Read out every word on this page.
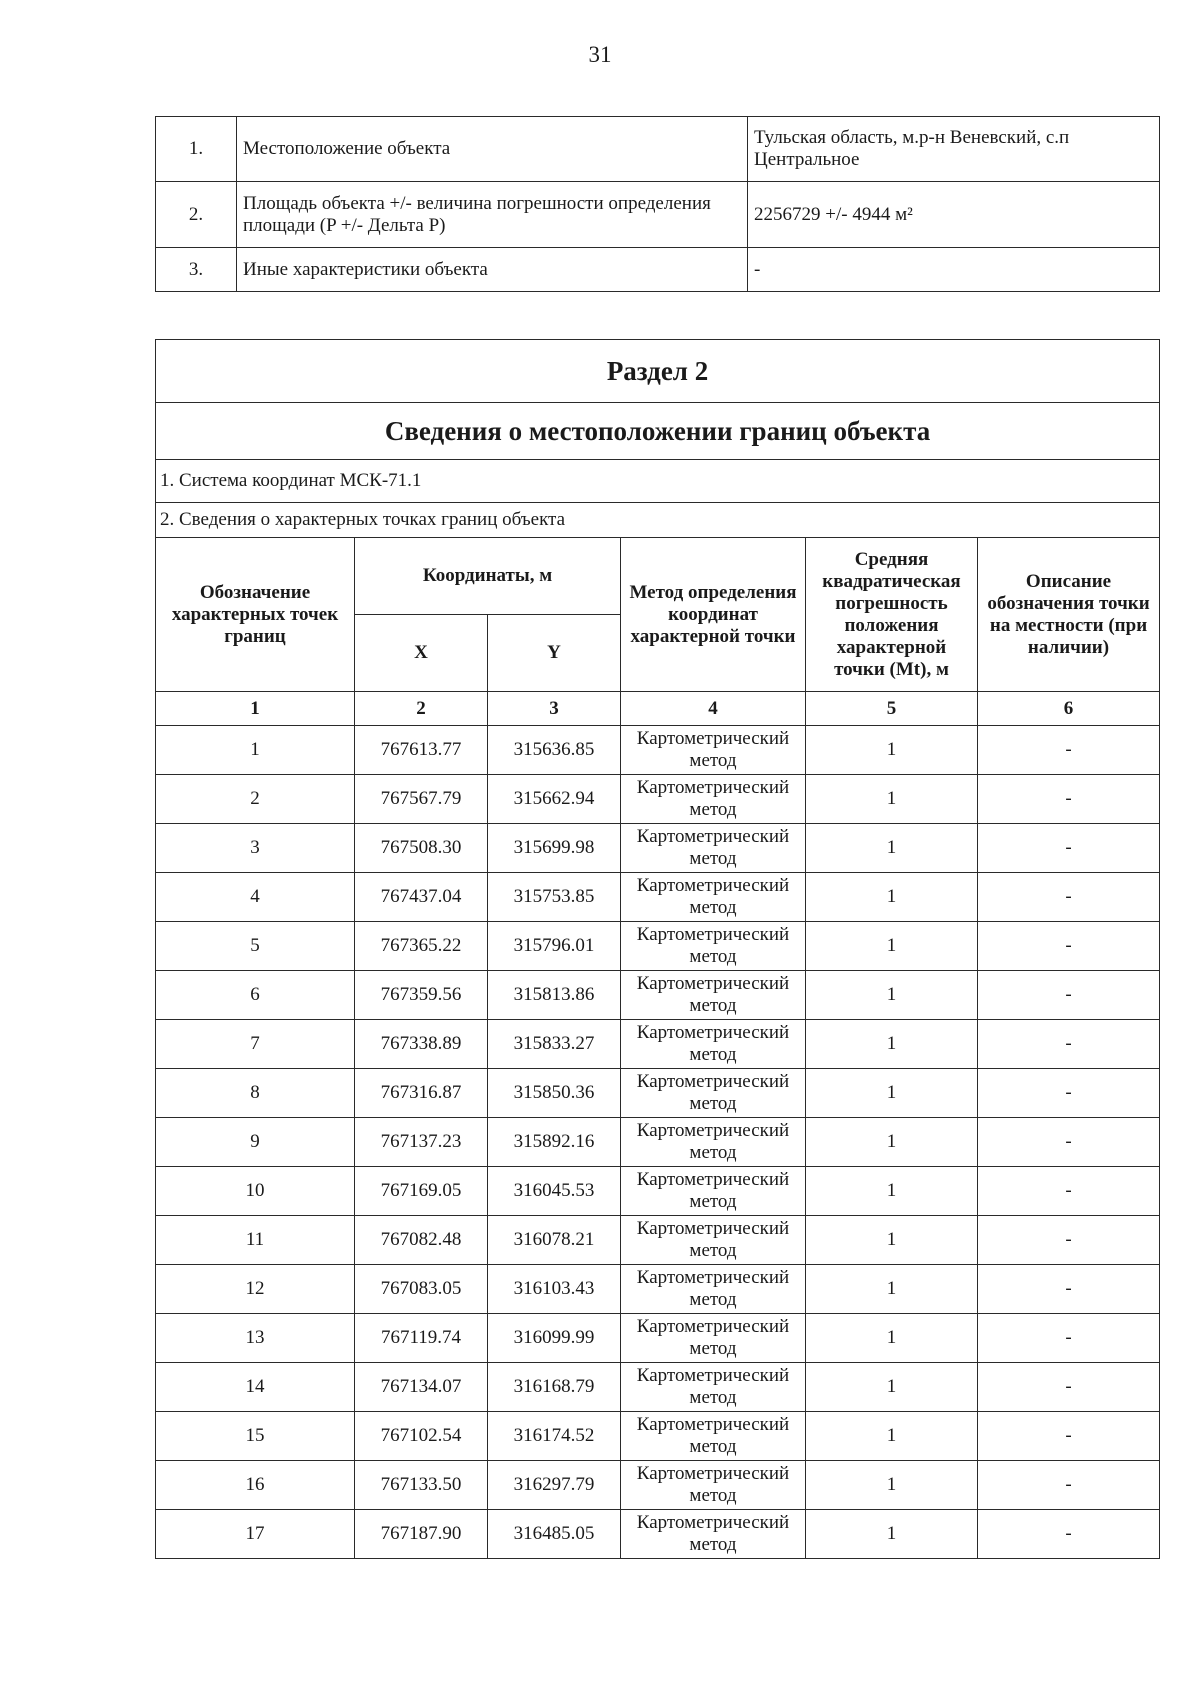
31
1.	Местоположение объекта	Тульская область, м.р-н Веневский, с.п Центральное
2.	Площадь объекта +/- величина погрешности определения площади (P +/- Дельта P)	2256729 +/- 4944 м²
3.	Иные характеристики объекта	-
Раздел 2					
Сведения о местоположении границ объекта					
1. Система координат МСК-71.1					
2. Сведения о характерных точках границ объекта					
Обозначение характерных точек границ	Координаты, м		Метод определения координат характерной точки	Средняя квадратическая погрешность положения характерной точки (Mt), м	Описание обозначения точки на местности (при наличии)
	X	Y			
1	2	3	4	5	6
1	767613.77	315636.85	Картометрический метод	1	-
2	767567.79	315662.94	Картометрический метод	1	-
3	767508.30	315699.98	Картометрический метод	1	-
4	767437.04	315753.85	Картометрический метод	1	-
5	767365.22	315796.01	Картометрический метод	1	-
6	767359.56	315813.86	Картометрический метод	1	-
7	767338.89	315833.27	Картометрический метод	1	-
8	767316.87	315850.36	Картометрический метод	1	-
9	767137.23	315892.16	Картометрический метод	1	-
10	767169.05	316045.53	Картометрический метод	1	-
11	767082.48	316078.21	Картометрический метод	1	-
12	767083.05	316103.43	Картометрический метод	1	-
13	767119.74	316099.99	Картометрический метод	1	-
14	767134.07	316168.79	Картометрический метод	1	-
15	767102.54	316174.52	Картометрический метод	1	-
16	767133.50	316297.79	Картометрический метод	1	-
17	767187.90	316485.05	Картометрический метод	1	-
